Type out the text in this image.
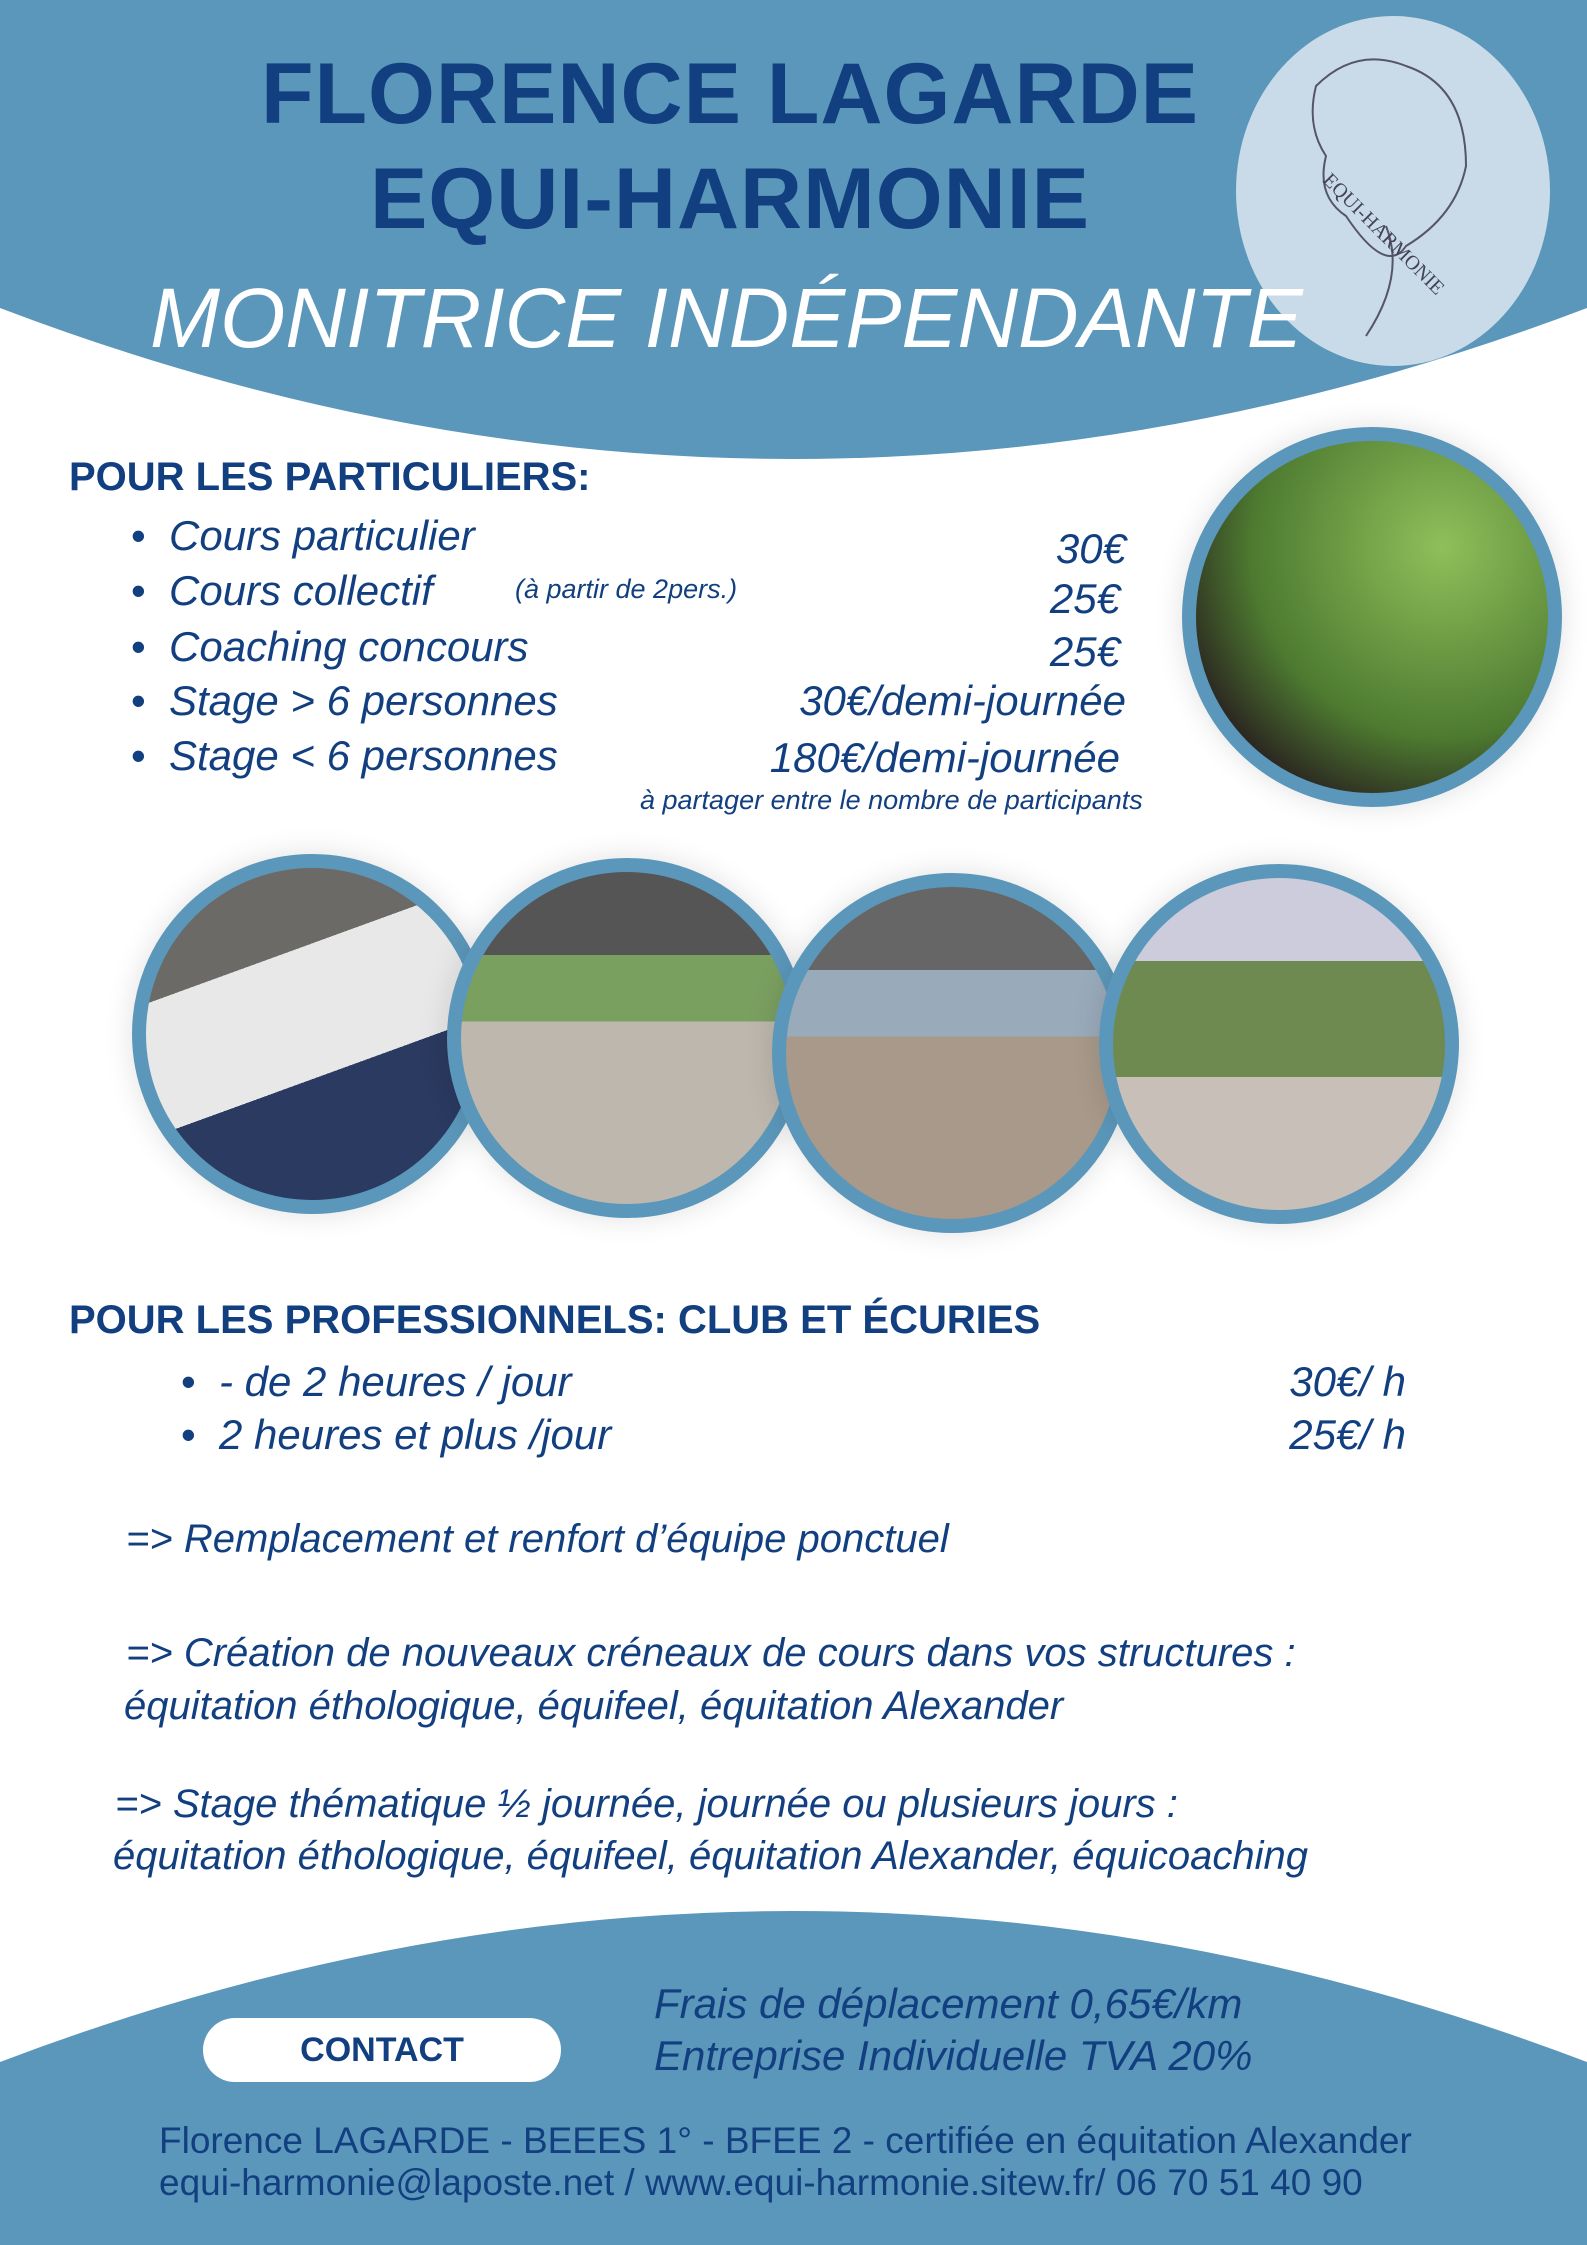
EQUI-HARMONIE
FLORENCE LAGARDE
EQUI-HARMONIE
MONITRICE INDÉPENDANTE
POUR LES PARTICULIERS:
• Cours particulier
• Cours collectif	(à partir de 2pers.)
• Coaching concours
• Stage > 6 personnes
• Stage < 6 personnes
30€
25€
25€
30€/demi-journée
180€/demi-journée
à partager entre le nombre de participants
POUR LES PROFESSIONNELS: CLUB ET ÉCURIES
• - de 2 heures / jour
• 2 heures et plus /jour
30€/ h
25€/ h
=> Remplacement et renfort d’équipe ponctuel
=> Création de nouveaux créneaux de cours dans vos structures :
équitation éthologique, équifeel, équitation Alexander
=> Stage thématique ½ journée, journée ou plusieurs jours :
équitation éthologique, équifeel, équitation Alexander, équicoaching
CONTACT
Frais de déplacement 0,65€/km
Entreprise Individuelle TVA 20%
Florence LAGARDE - BEEES 1° - BFEE 2 - certifiée en équitation Alexander
equi-harmonie@laposte.net / www.equi-harmonie.sitew.fr/ 06 70 51 40 90
